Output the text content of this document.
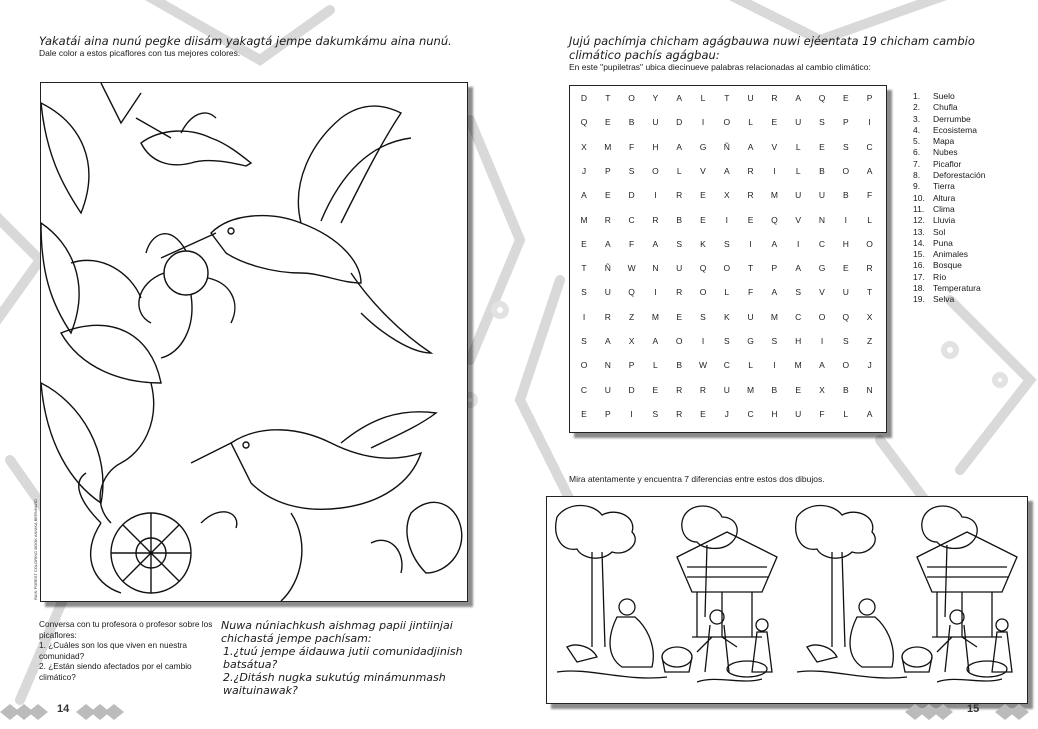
Yakatái aina nunú pegke diisám yakagtá jempe dakumkámu aina nunú.
Dale color a estos picaflores con tus mejores colores.
RAIN FOREST COLORING BOOK ANNIKA BERNHARD
Conversa con tu profesora o profesor sobre los picaflores:
1. ¿Cuáles son los que viven en nuestra comunidad?
2. ¿Están siendo afectados por el cambio climático?
Nuwa núniachkush aishmag papii jintiinjai chichastá jempe pachísam:
1.¿tuú jempe áidauwa jutii comunidadjinish batsátua?
2.¿Ditásh nugka sukutúg minámunmash waituinawak?
14
Jujú pachímja chicham agágbauwa nuwi ejéentata 19 chicham cambio climático pachís agágbau:
En este "pupiletras" ubica diecinueve palabras relacionadas al cambio climático:
D	T	O	Y	A	L	T	U	R	A	Q	E	P
Q	E	B	U	D	I	O	L	E	U	S	P	I
X	M	F	H	A	G	Ñ	A	V	L	E	S	C
J	P	S	O	L	V	A	R	I	L	B	O	A
A	E	D	I	R	E	X	R	M	U	U	B	F
M	R	C	R	B	E	I	E	Q	V	N	I	L
E	A	F	A	S	K	S	I	A	I	C	H	O
T	Ñ	W	N	U	Q	O	T	P	A	G	E	R
S	U	Q	I	R	O	L	F	A	S	V	U	T
I	R	Z	M	E	S	K	U	M	C	O	Q	X
S	A	X	A	O	I	S	G	S	H	I	S	Z
O	N	P	L	B	W	C	L	I	M	A	O	J
C	U	D	E	R	R	U	M	B	E	X	B	N
E	P	I	S	R	E	J	C	H	U	F	L	A
1.	Suelo
2.	Chufla
3.	Derrumbe
4.	Ecosistema
5.	Mapa
6.	Nubes
7.	Picaflor
8.	Deforestación
9.	Tierra
10. Altura
11.	Clima
12. Lluvia
13. Sol
14. Puna
15. Animales
16. Bosque
17. Río
18. Temperatura
19. Selva
Mira atentamente y encuentra 7 diferencias entre estos dos dibujos.
15
